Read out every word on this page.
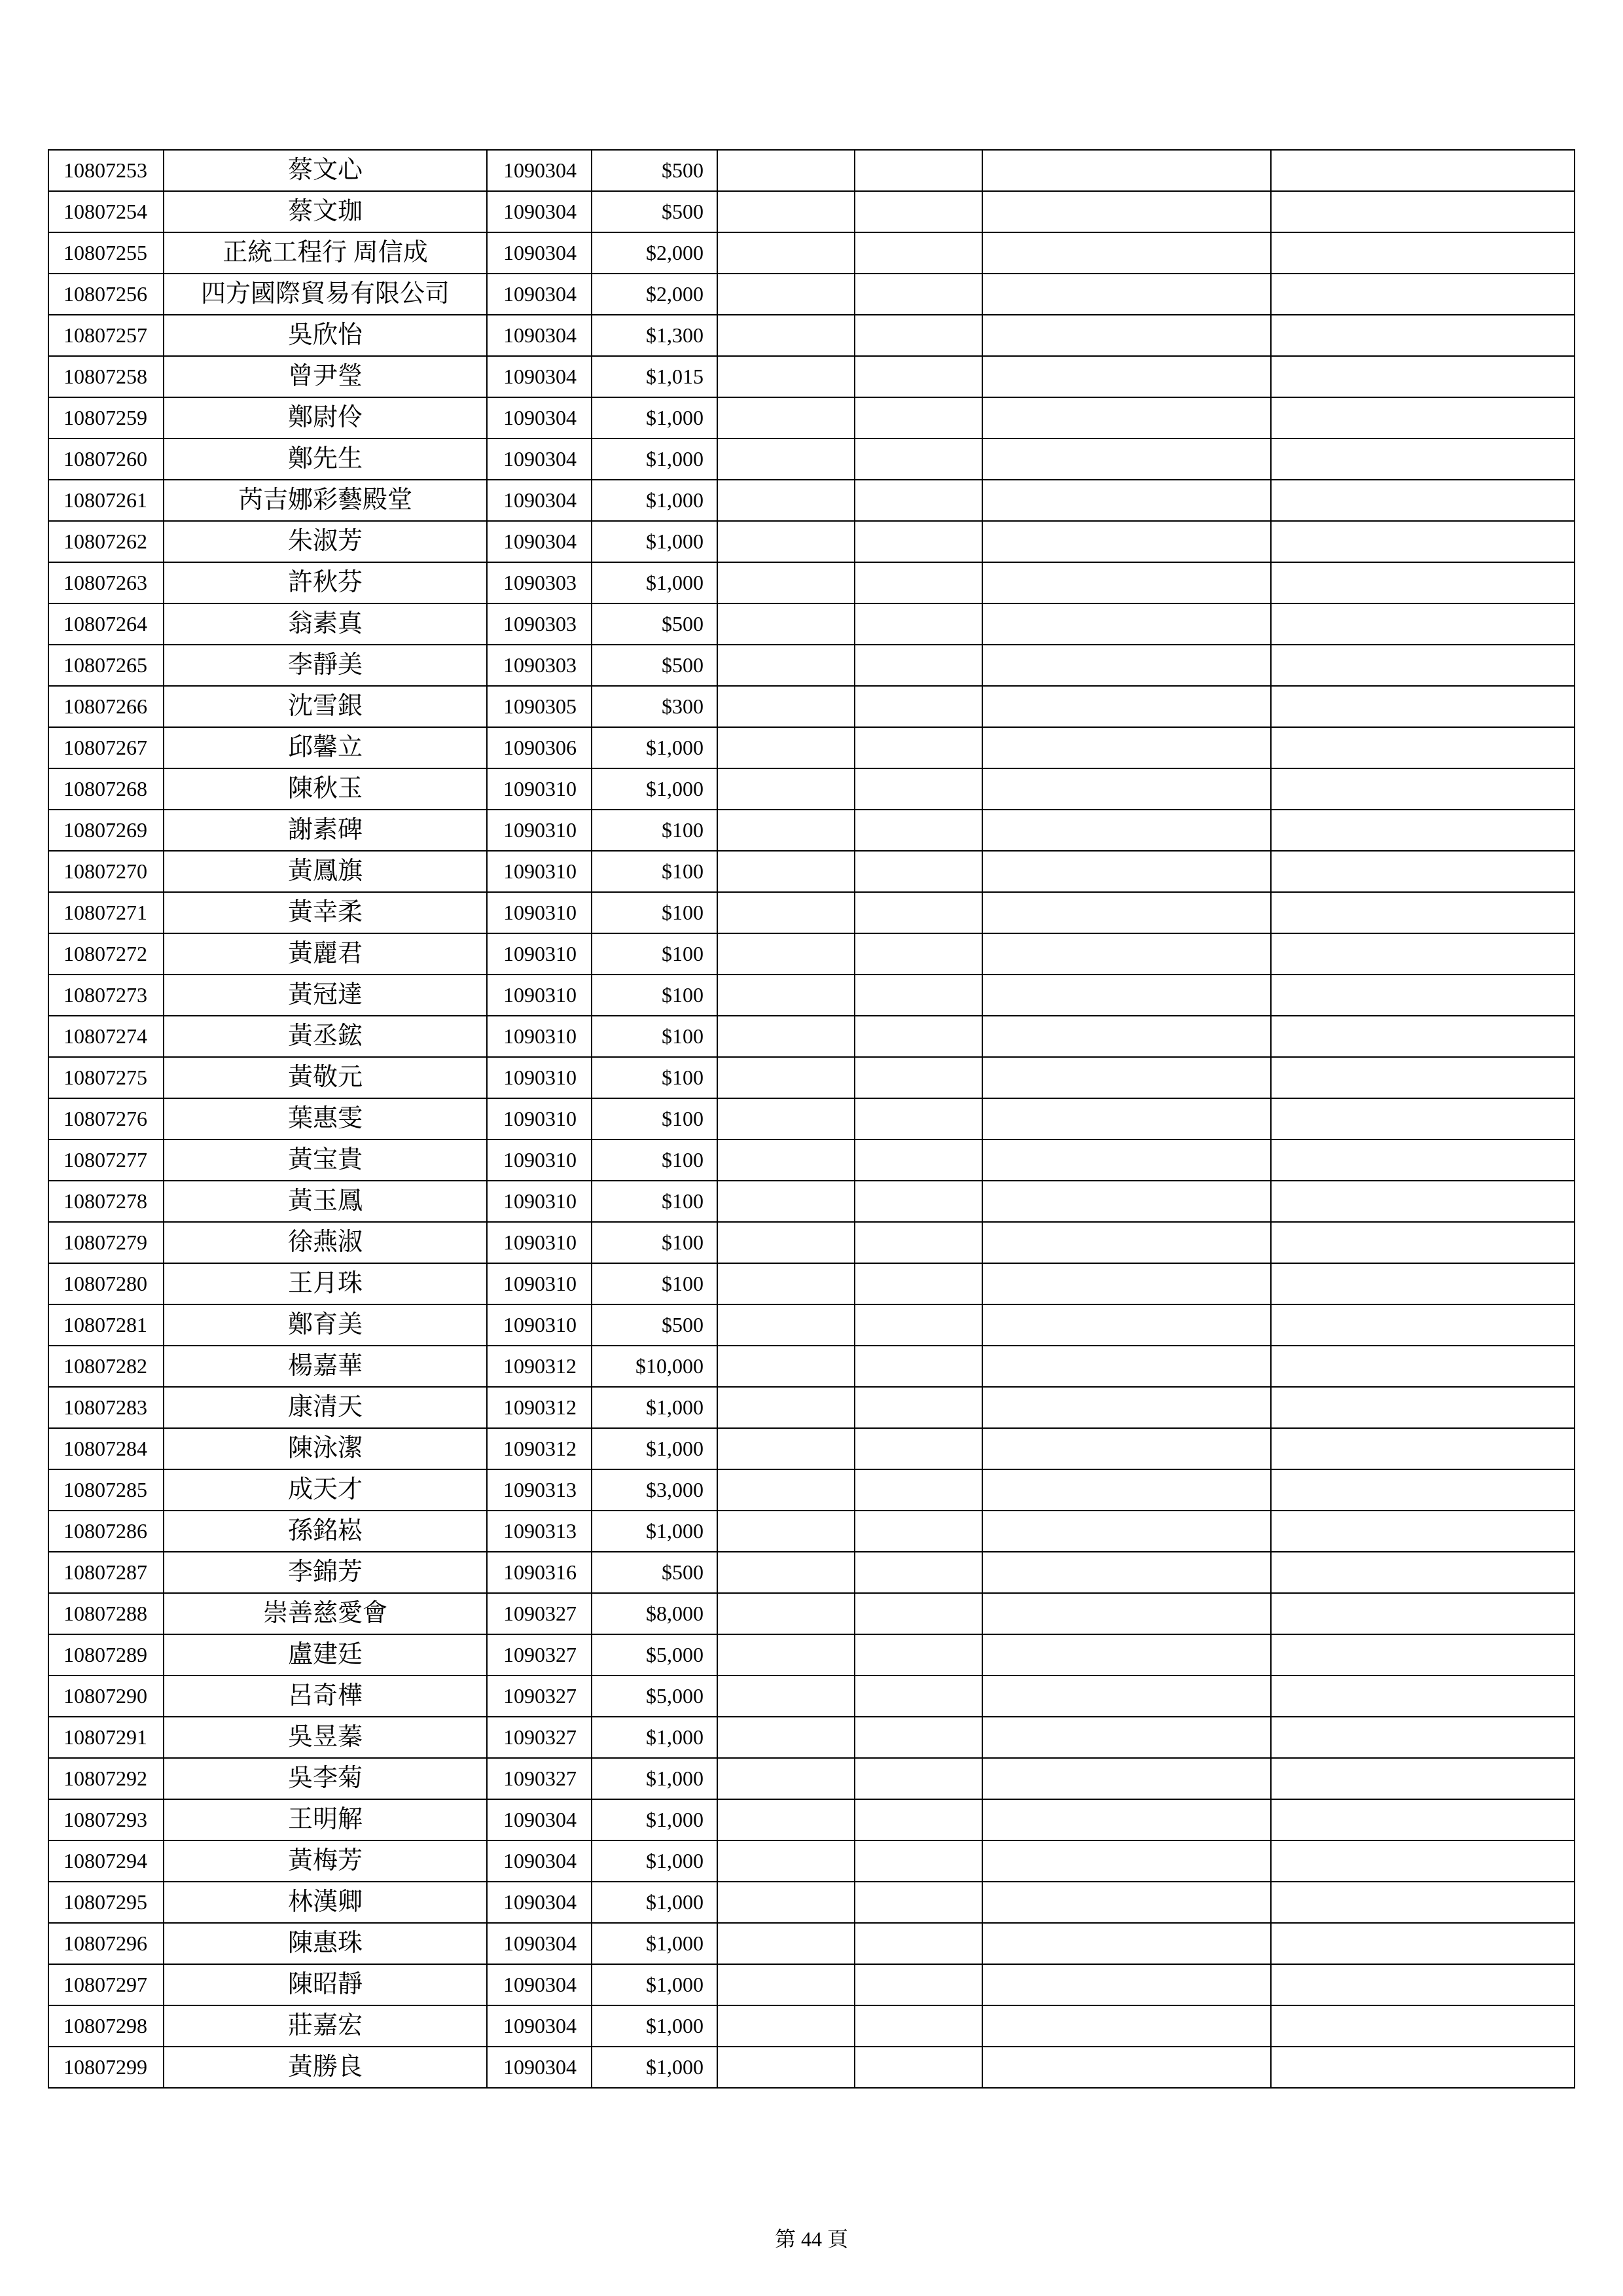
10807253	蔡文心	1090304	$500				
10807254	蔡文珈	1090304	$500				
10807255	正統工程行 周信成	1090304	$2,000				
10807256	四方國際貿易有限公司	1090304	$2,000				
10807257	吳欣怡	1090304	$1,300				
10807258	曾尹瑩	1090304	$1,015				
10807259	鄭尉伶	1090304	$1,000				
10807260	鄭先生	1090304	$1,000				
10807261	芮吉娜彩藝殿堂	1090304	$1,000				
10807262	朱淑芳	1090304	$1,000				
10807263	許秋芬	1090303	$1,000				
10807264	翁素真	1090303	$500				
10807265	李靜美	1090303	$500				
10807266	沈雪銀	1090305	$300				
10807267	邱馨立	1090306	$1,000				
10807268	陳秋玉	1090310	$1,000				
10807269	謝素碑	1090310	$100				
10807270	黃鳳旗	1090310	$100				
10807271	黃幸柔	1090310	$100				
10807272	黃麗君	1090310	$100				
10807273	黃冠達	1090310	$100				
10807274	黃丞鋐	1090310	$100				
10807275	黃敬元	1090310	$100				
10807276	葉惠雯	1090310	$100				
10807277	黃宝貴	1090310	$100				
10807278	黃玉鳳	1090310	$100				
10807279	徐燕淑	1090310	$100				
10807280	王月珠	1090310	$100				
10807281	鄭育美	1090310	$500				
10807282	楊嘉華	1090312	$10,000				
10807283	康清天	1090312	$1,000				
10807284	陳泳潔	1090312	$1,000				
10807285	成天才	1090313	$3,000				
10807286	孫銘崧	1090313	$1,000				
10807287	李錦芳	1090316	$500				
10807288	崇善慈愛會	1090327	$8,000				
10807289	盧建廷	1090327	$5,000				
10807290	呂奇樺	1090327	$5,000				
10807291	吳昱蓁	1090327	$1,000				
10807292	吳李菊	1090327	$1,000				
10807293	王明解	1090304	$1,000				
10807294	黃梅芳	1090304	$1,000				
10807295	林漢卿	1090304	$1,000				
10807296	陳惠珠	1090304	$1,000				
10807297	陳昭靜	1090304	$1,000				
10807298	莊嘉宏	1090304	$1,000				
10807299	黃勝良	1090304	$1,000				
第 44 頁
